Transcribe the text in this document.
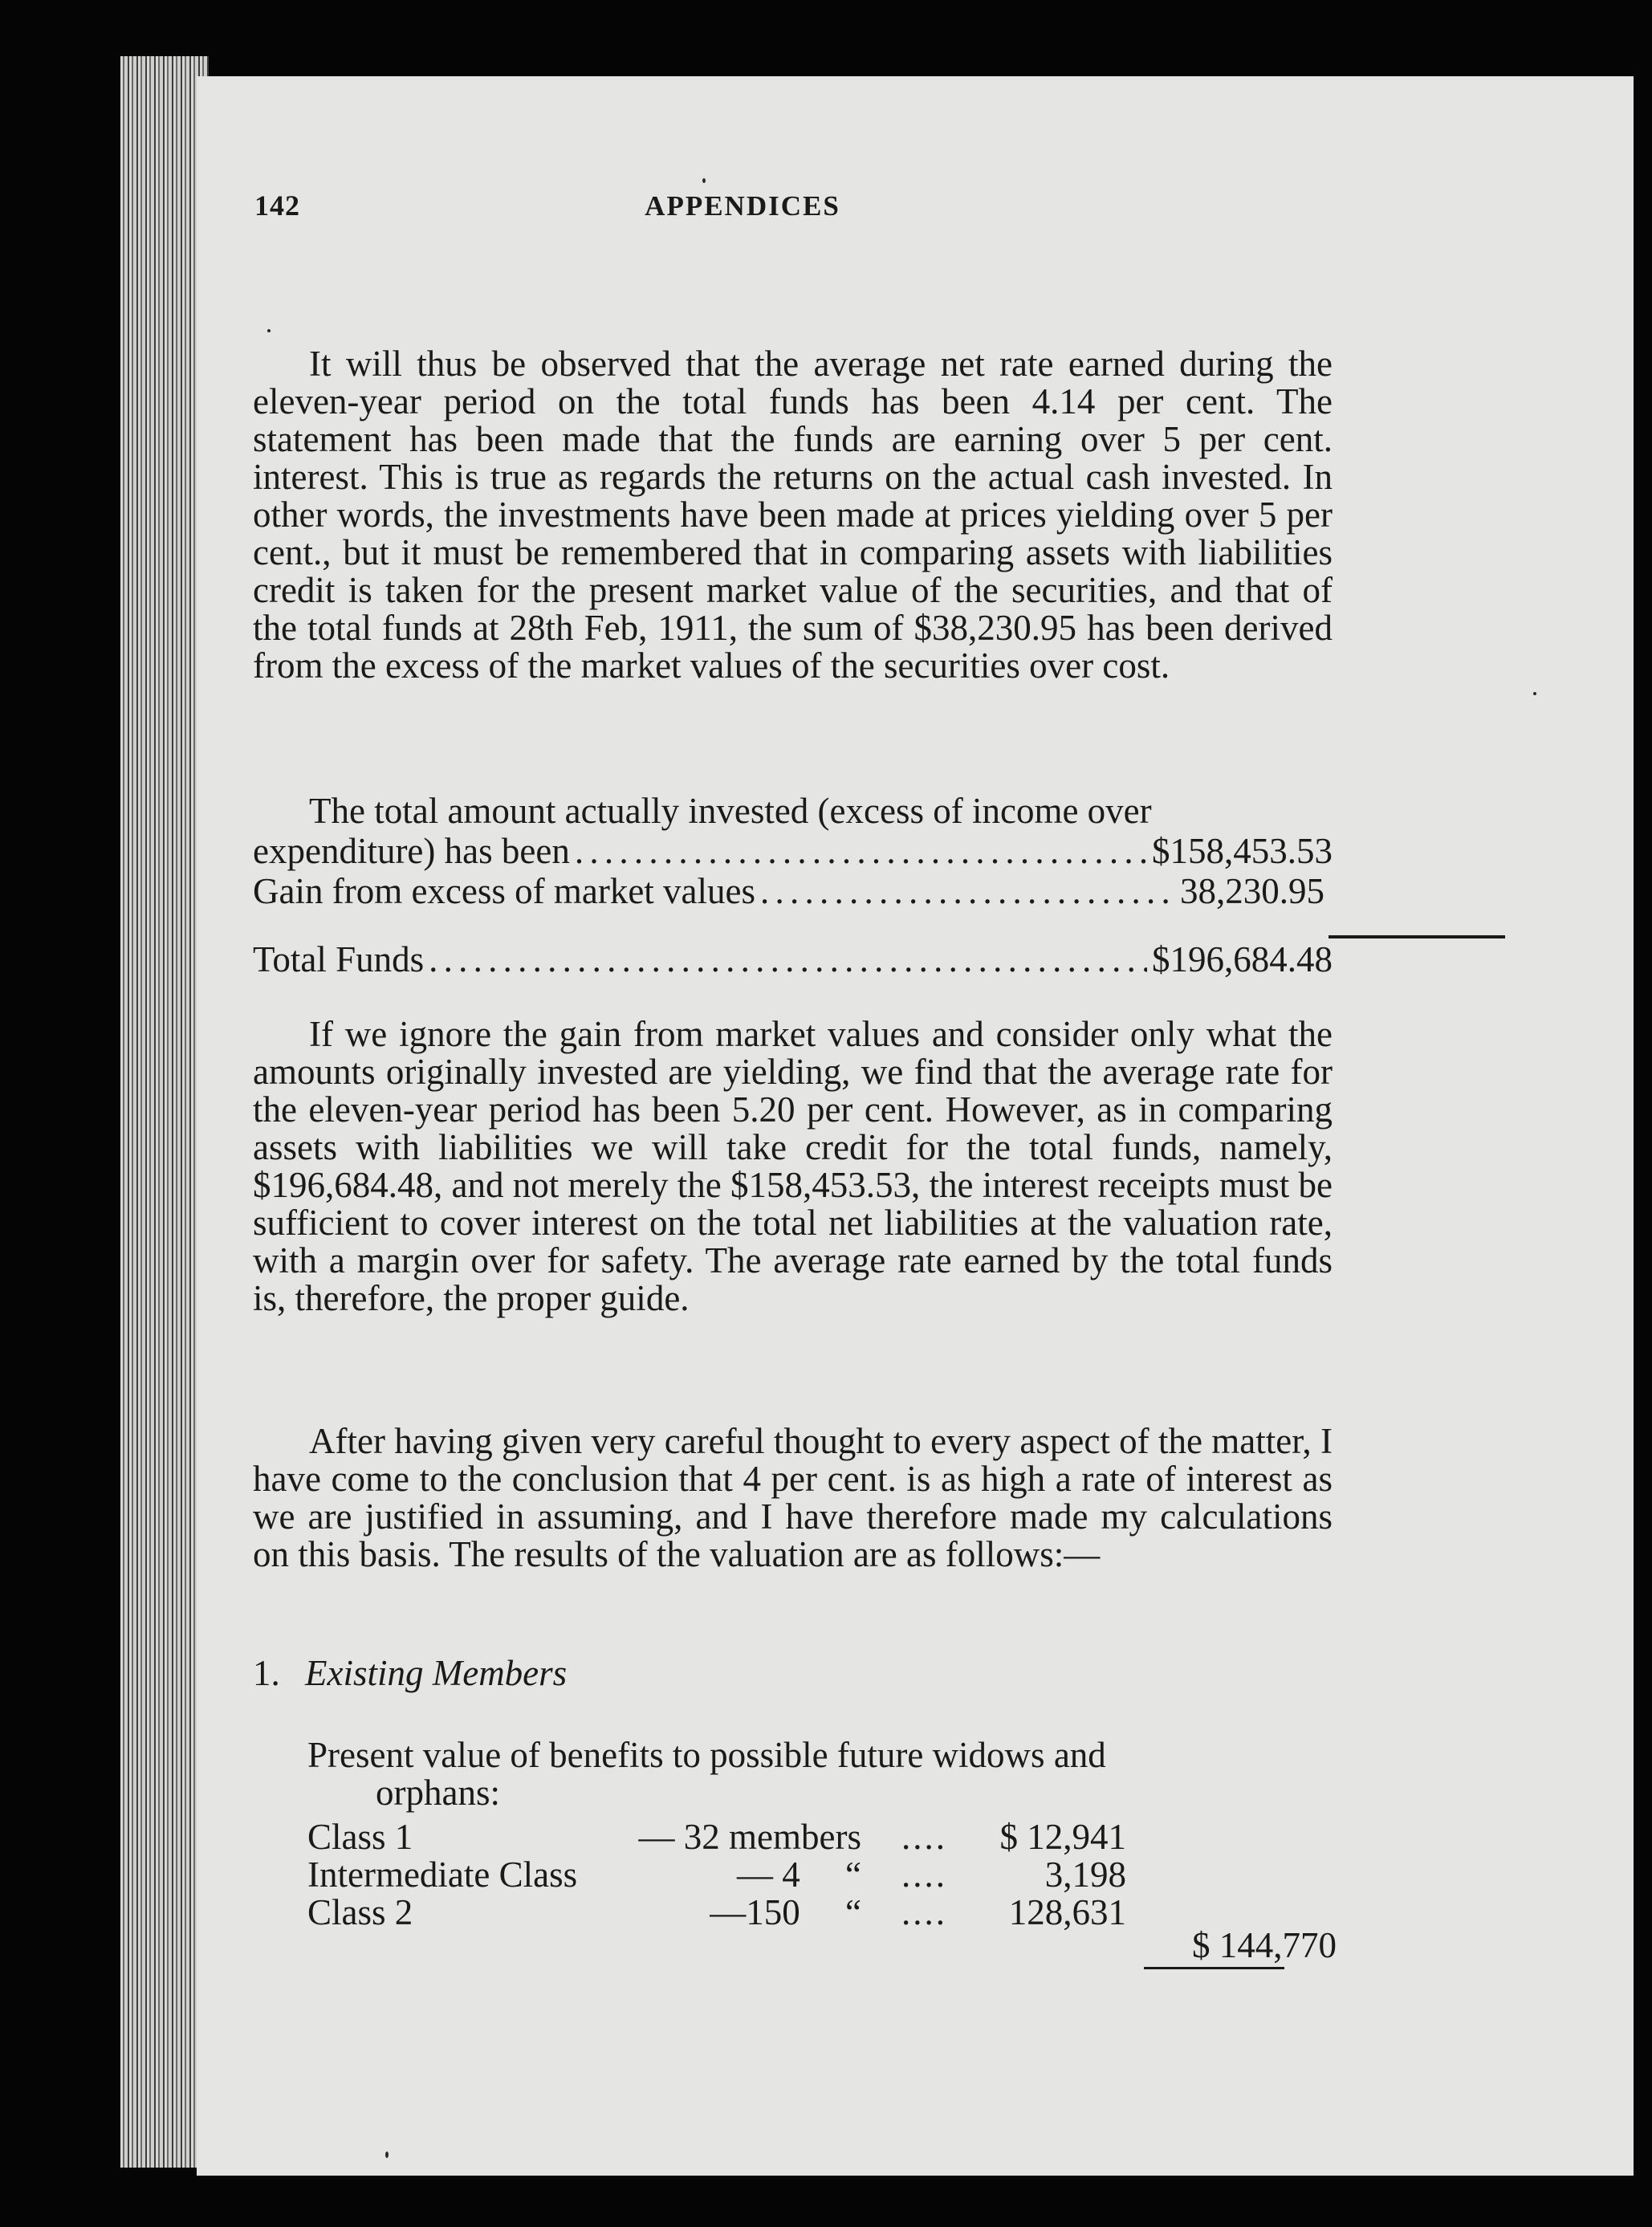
142	APPENDICES

It will thus be observed that the average net rate earned during the eleven-year period on the total funds has been 4.14 per cent. The statement has been made that the funds are earning over 5 per cent. interest. This is true as regards the returns on the actual cash invested. In other words, the investments have been made at prices yielding over 5 per cent., but it must be remembered that in comparing assets with liabilities credit is taken for the present market value of the securities, and that of the total funds at 28th Feb, 1911, the sum of $38,230.95 has been derived from the excess of the market values of the securities over cost.

The total amount actually invested (excess of income over
expenditure) has been . . .	$158,453.53
Gain from excess of market values . . .	38,230.95
Total Funds . . .	$196,684.48

If we ignore the gain from market values and consider only what the amounts originally invested are yielding, we find that the average rate for the eleven-year period has been 5.20 per cent. However, as in comparing assets with liabilities we will take credit for the total funds, namely, $196,684.48, and not merely the $158,453.53, the interest receipts must be sufficient to cover interest on the total net liabilities at the valuation rate, with a margin over for safety. The average rate earned by the total funds is, therefore, the proper guide.

After having given very careful thought to every aspect of the matter, I have come to the conclusion that 4 per cent. is as high a rate of interest as we are justified in assuming, and I have therefore made my calculations on this basis. The results of the valuation are as follows:—

1. Existing Members
Present value of benefits to possible future widows and
orphans:
Class 1	— 32 members ....	$ 12,941
Intermediate Class	— 4     “ ....	3,198
Class 2	—150     “ ....	128,631
$ 144,770
